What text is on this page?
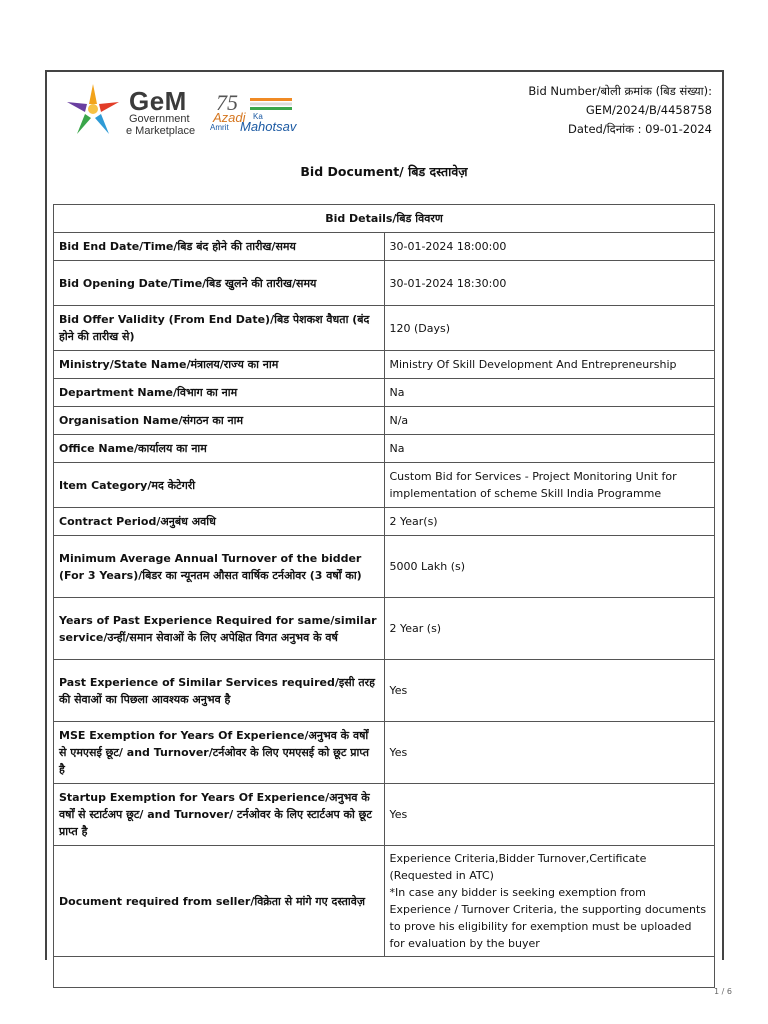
GeM
Government
e Marketplace
75
Azadi Ka
Amrit Mahotsav
Bid Number/बोली क्रमांक (बिड संख्या):
GEM/2024/B/4458758
Dated/दिनांक : 09-01-2024
Bid Document/ बिड दस्तावेज़
Bid Details/बिड विवरण	
Bid End Date/Time/बिड बंद होने की तारीख/समय	30-01-2024 18:00:00
Bid Opening Date/Time/बिड खुलने की तारीख/समय	30-01-2024 18:30:00
Bid Offer Validity (From End Date)/बिड पेशकश वैधता (बंद होने की तारीख से)	120 (Days)
Ministry/State Name/मंत्रालय/राज्य का नाम	Ministry Of Skill Development And Entrepreneurship
Department Name/विभाग का नाम	Na
Organisation Name/संगठन का नाम	N/a
Office Name/कार्यालय का नाम	Na
Item Category/मद केटेगरी	Custom Bid for Services - Project Monitoring Unit for implementation of scheme Skill India Programme
Contract Period/अनुबंध अवधि	2 Year(s)
Minimum Average Annual Turnover of the bidder (For 3 Years)/बिडर का न्यूनतम औसत वार्षिक टर्नओवर (3 वर्षों का)	5000 Lakh (s)
Years of Past Experience Required for same/similar service/उन्हीं/समान सेवाओं के लिए अपेक्षित विगत अनुभव के वर्ष	2 Year (s)
Past Experience of Similar Services required/इसी तरह की सेवाओं का पिछला आवश्यक अनुभव है	Yes
MSE Exemption for Years Of Experience/अनुभव के वर्षों से एमएसई छूट/ and Turnover/टर्नओवर के लिए एमएसई को छूट प्राप्त है	Yes
Startup Exemption for Years Of Experience/अनुभव के वर्षों से स्टार्टअप छूट/ and Turnover/ टर्नओवर के लिए स्टार्टअप को छूट प्राप्त है	Yes
Document required from seller/विक्रेता से मांगे गए दस्तावेज़	Experience Criteria,Bidder Turnover,Certificate (Requested in ATC)
*In case any bidder is seeking exemption from Experience / Turnover Criteria, the supporting documents to prove his eligibility for exemption must be uploaded for evaluation by the buyer

1 / 6
